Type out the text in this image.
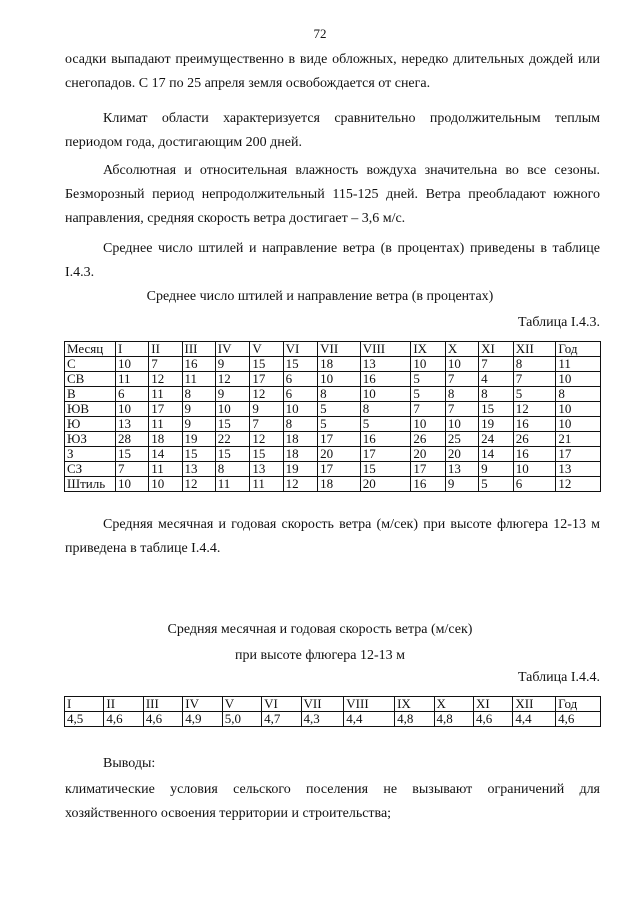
72

осадки выпадают преимущественно в виде обложных, нередко длительных дождей или снегопадов. С 17 по 25 апреля земля освобождается от снега.

Климат области характеризуется сравнительно продолжительным теплым периодом года, достигающим 200 дней.

Абсолютная и относительная влажность вождуха значительна во все сезоны. Безморозный период непродолжительный 115-125 дней. Ветра преобладают южного направления, средняя скорость ветра достигает – 3,6 м/с.

Среднее число штилей и направление ветра (в процентах) приведены в таблице I.4.3.

Среднее число штилей и направление ветра (в процентах)
Таблица I.4.3.
Месяц	I	II	III	IV	V	VI	VII	VIII	IX	X	XI	XII	Год
С	10	7	16	9	15	15	18	13	10	10	7	8	11
СВ	11	12	11	12	17	6	10	16	5	7	4	7	10
В	6	11	8	9	12	6	8	10	5	8	8	5	8
ЮВ	10	17	9	10	9	10	5	8	7	7	15	12	10
Ю	13	11	9	15	7	8	5	5	10	10	19	16	10
ЮЗ	28	18	19	22	12	18	17	16	26	25	24	26	21
З	15	14	15	15	15	18	20	17	20	20	14	16	17
СЗ	7	11	13	8	13	19	17	15	17	13	9	10	13
Штиль	10	10	12	11	11	12	18	20	16	9	5	6	12

Средняя месячная и годовая скорость ветра (м/сек) при высоте флюгера 12-13 м приведена в таблице I.4.4.

Средняя месячная и годовая скорость ветра (м/сек)
при высоте флюгера 12-13 м
Таблица I.4.4.
I	II	III	IV	V	VI	VII	VIII	IX	X	XI	XII	Год
4,5	4,6	4,6	4,9	5,0	4,7	4,3	4,4	4,8	4,8	4,6	4,4	4,6

Выводы:

климатические условия сельского поселения не вызывают ограничений для хозяйственного освоения территории и строительства;
